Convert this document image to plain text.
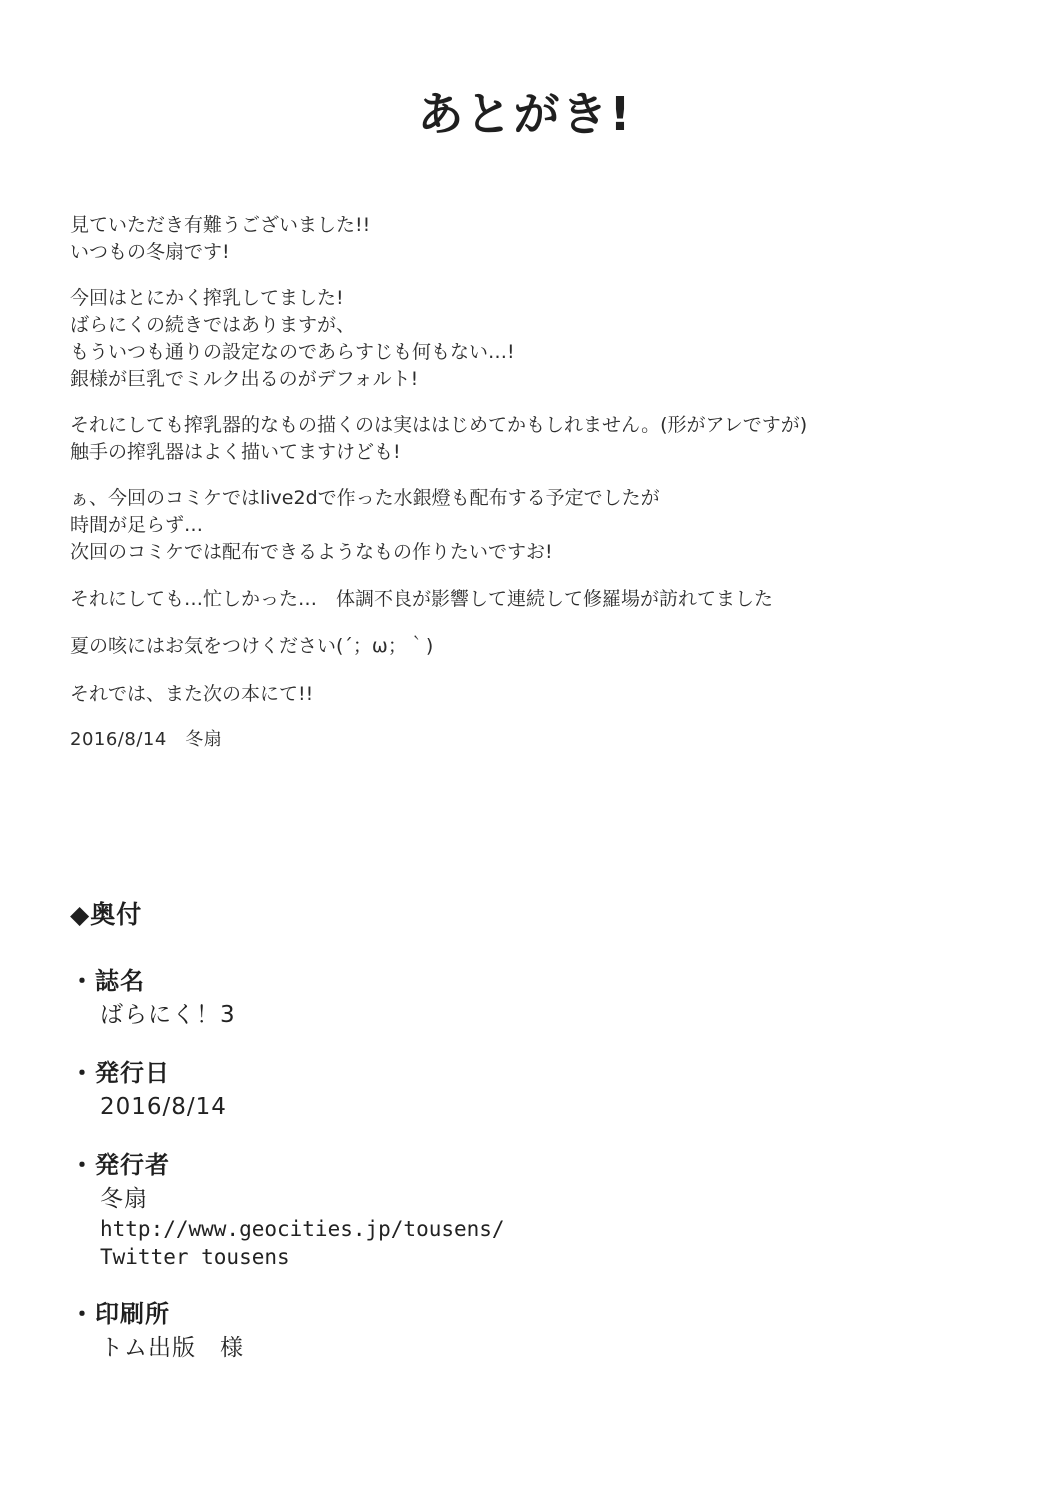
あとがき!
見ていただき有難うございました!!
いつもの冬扇です!
今回はとにかく搾乳してました!
ばらにくの続きではありますが、
もういつも通りの設定なのであらすじも何もない…!
銀様が巨乳でミルク出るのがデフォルト!
それにしても搾乳器的なもの描くのは実ははじめてかもしれません。(形がアレですが)
触手の搾乳器はよく描いてますけども!
ぁ、今回のコミケではlive2dで作った水銀燈も配布する予定でしたが
時間が足らず…
次回のコミケでは配布できるようなもの作りたいですお!
それにしても…忙しかった…　体調不良が影響して連続して修羅場が訪れてました
夏の咳にはお気をつけください(´；ω；｀)
それでは、また次の本にて!!
2016/8/14　冬扇
◆奥付
・誌名
ばらにく！3
・発行日
2016/8/14
・発行者
冬扇
http://www.geocities.jp/tousens/
Twitter tousens
・印刷所
トム出版　様
